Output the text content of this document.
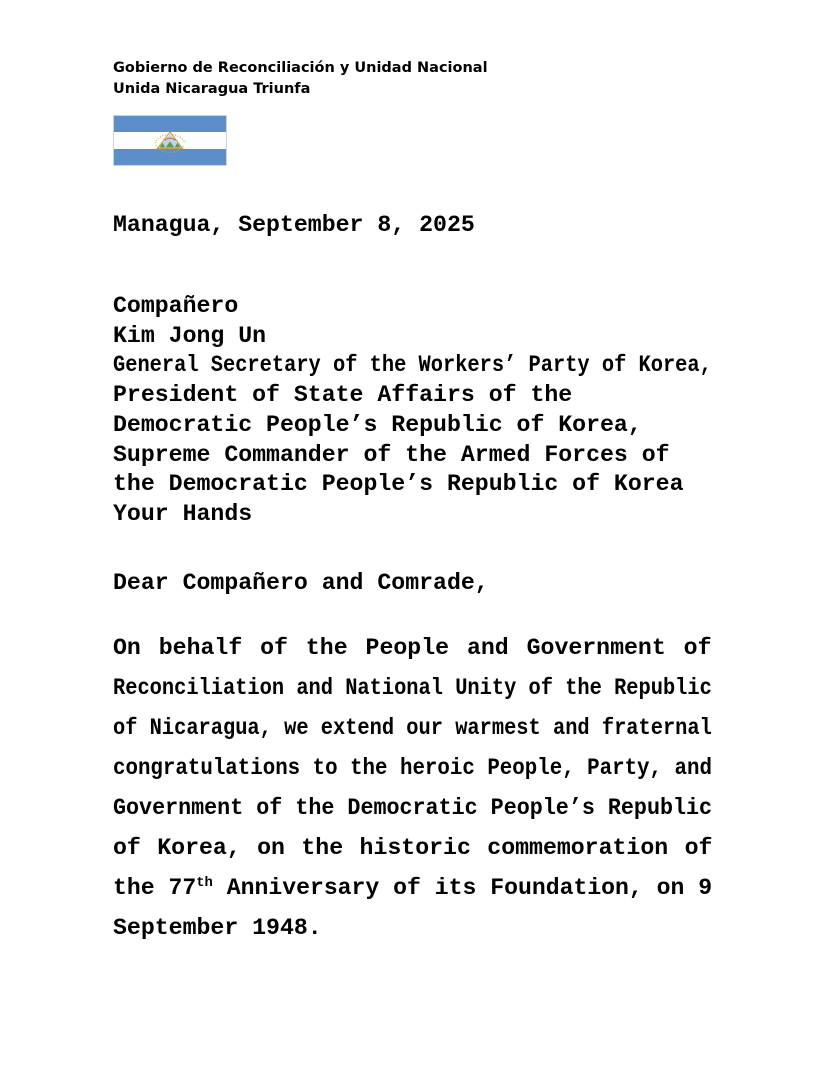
Gobierno de Reconciliación y Unidad Nacional
Unida Nicaragua Triunfa
Managua, September 8, 2025
Compañero
Kim Jong Un
General Secretary of the Workers’ Party of Korea,
President of State Affairs of the
Democratic People’s Republic of Korea,
Supreme Commander of the Armed Forces of
the Democratic People’s Republic of Korea
Your Hands
Dear Compañero and Comrade,
On behalf of the People and Government of
Reconciliation and National Unity of the Republic
of Nicaragua, we extend our warmest and fraternal
congratulations to the heroic People, Party, and
Government of the Democratic People’s Republic
of Korea, on the historic commemoration of
the 77th Anniversary of its Foundation, on 9
September 1948.
